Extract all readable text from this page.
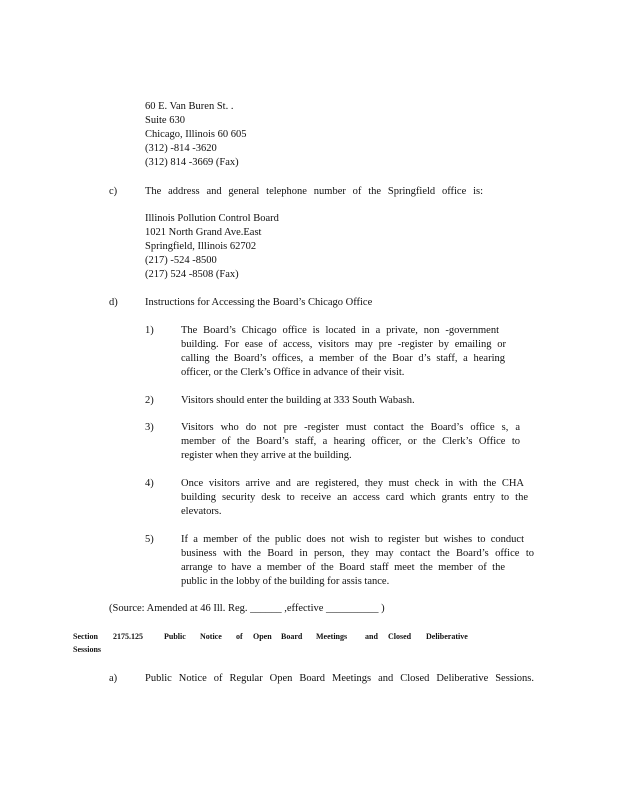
60 E. Van Buren St. .
Suite 630
Chicago, Illinois 60 605
(312) -814 -3620
(312) 814 -3669 (Fax)
c)	The address and general telephone number of the Springfield office is:
Illinois Pollution Control Board
1021 North Grand Ave.East
Springfield, Illinois 62702
(217) -524 -8500
(217) 524 -8508 (Fax)
d)	Instructions for Accessing the Board’s Chicago Office
1)	The Board’s Chicago office is located in a private, non -government
building. For ease of access, visitors may pre -register by emailing or
calling the Board’s offices, a member of the Boar d’s staff, a hearing
officer, or the Clerk’s Office in advance of their visit.
2)	Visitors should enter the building at 333 South Wabash.
3)	Visitors who do not pre -register must contact the Board’s office s, a
member of the Board’s staff, a hearing officer, or the Clerk’s Office to
register when they arrive at the building.
4)	Once visitors arrive and are registered, they must check in with the CHA
building security desk to receive an access card which grants entry to the
elevators.
5)	If a member of the public does not wish to register but wishes to conduct
business with the Board in person, they may contact the Board’s office to
arrange to have a member of the Board staff meet the member of the
public in the lobby of the building for assis tance.
(Source: Amended at 46 Ill. Reg. ______ ,effective __________ )
Section 2175.125	Public Notice of Open Board Meetings and Closed Deliberative
Sessions
a)	Public Notice of Regular Open Board Meetings and Closed Deliberative Sessions.
